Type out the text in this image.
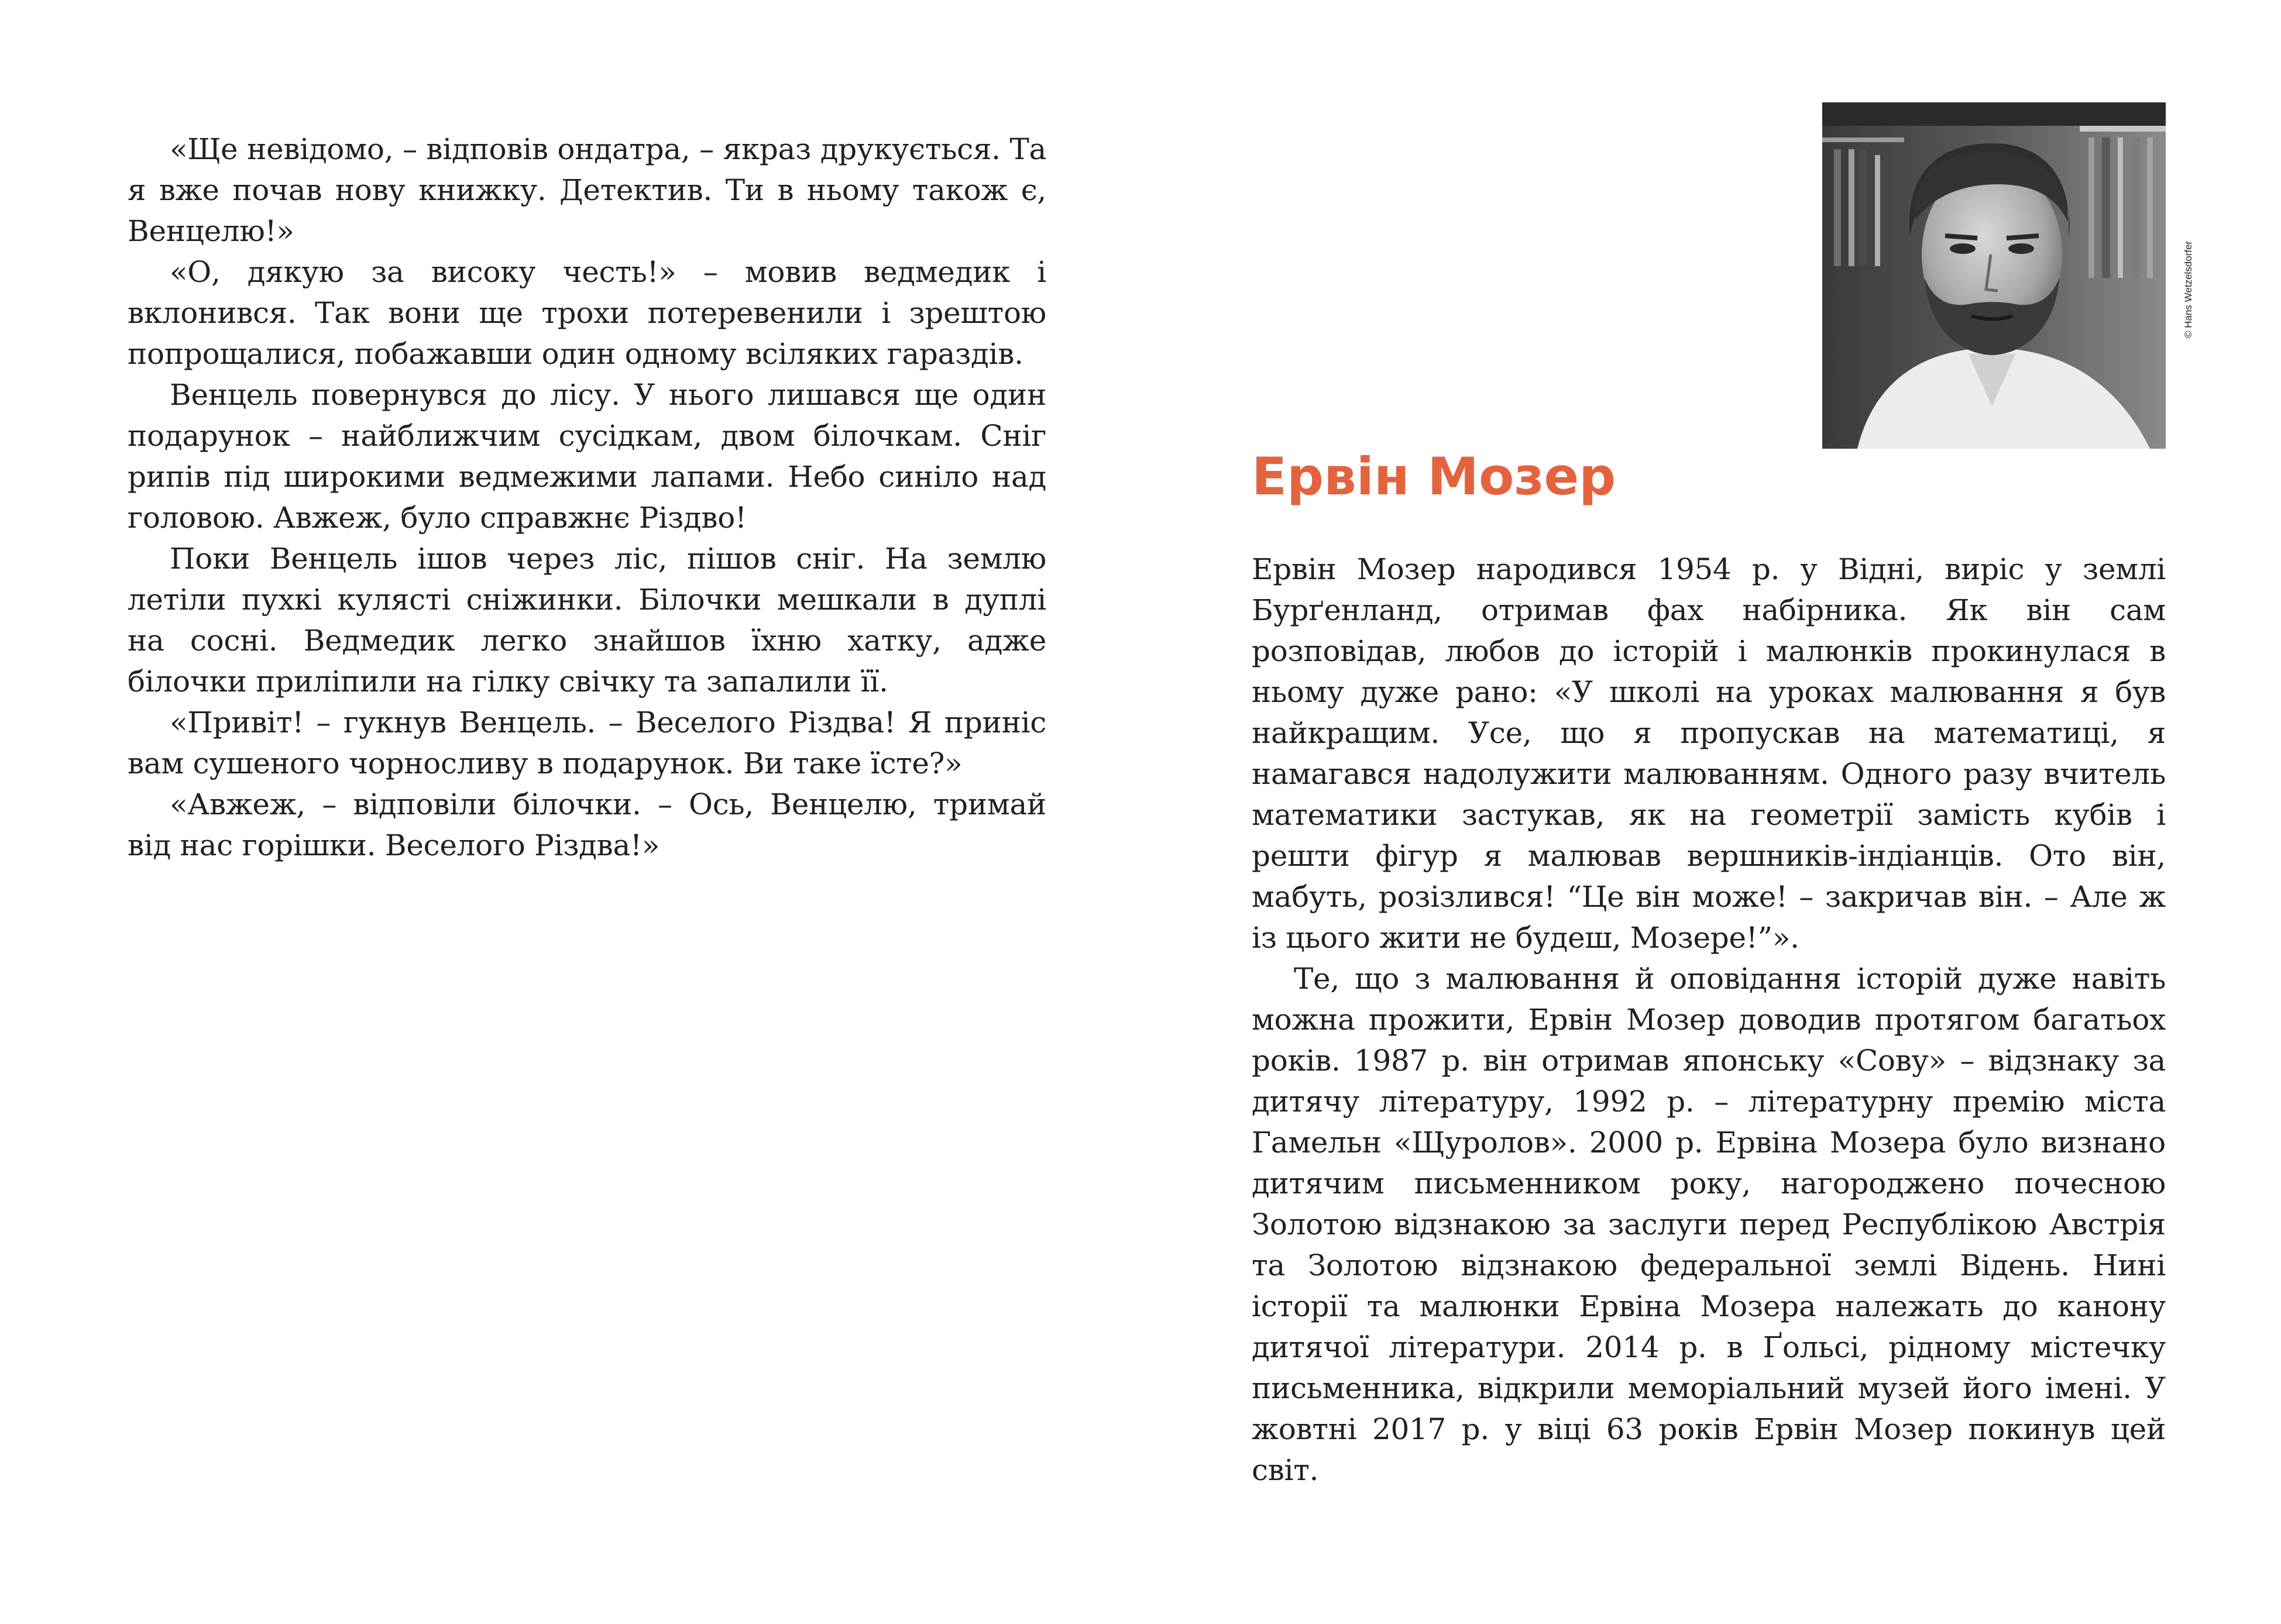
«Ще невідомо, – відповів ондатра, – якраз друкується. Та я вже почав нову книжку. Детектив. Ти в ньому також є, Венцелю!»

«О, дякую за високу честь!» – мовив ведмедик і вклонився. Так вони ще трохи потеревенили і зрештою попрощалися, побажавши один одному всіляких гараздів.

Венцель повернувся до лісу. У нього лишався ще один подарунок – найближчим сусідкам, двом білочкам. Сніг рипів під широкими ведмежими лапами. Небо синіло над головою. Авжеж, було справжнє Різдво!

Поки Венцель ішов через ліс, пішов сніг. На землю летіли пухкі кулясті сніжинки. Білочки мешкали в дуплі на сосні. Ведмедик легко знайшов їхню хатку, адже білочки приліпили на гілку свічку та запалили її.

«Привіт! – гукнув Венцель. – Веселого Різдва! Я приніс вам сушеного чорносливу в подарунок. Ви таке їсте?»

«Авжеж, – відповіли білочки. – Ось, Венцелю, тримай від нас горішки. Веселого Різдва!»

© Hans Wetzelsdorfer
Ервін Мозер

Ервін Мозер народився 1954 р. у Відні, виріс у землі Бурґенланд, отримав фах набірника. Як він сам розповідав, любов до історій і малюнків прокинулася в ньому дуже рано: «У школі на уроках малювання я був найкращим. Усе, що я пропускав на математиці, я намагався надолужити малюванням. Одного разу вчитель математики застукав, як на геометрії замість кубів і решти фігур я малював вершників-індіанців. Ото він, мабуть, розізлився! “Це він може! – закричав він. – Але ж із цього жити не будеш, Мозере!”».

Те, що з малювання й оповідання історій дуже навіть можна прожити, Ервін Мозер доводив протягом багатьох років. 1987 р. він отримав японську «Сову» – відзнаку за дитячу літературу, 1992 р. – літературну премію міста Гамельн «Щуролов». 2000 р. Ервіна Мозера було визнано дитячим письменником року, нагороджено почесною Золотою відзнакою за заслуги перед Республікою Австрія та Золотою відзнакою федеральної землі Відень. Нині історії та малюнки Ервіна Мозера належать до канону дитячої літератури. 2014 р. в Ґольсі, рідному містечку письменника, відкрили меморіальний музей його імені. У жовтні 2017 р. у віці 63 років Ервін Мозер покинув цей світ.
